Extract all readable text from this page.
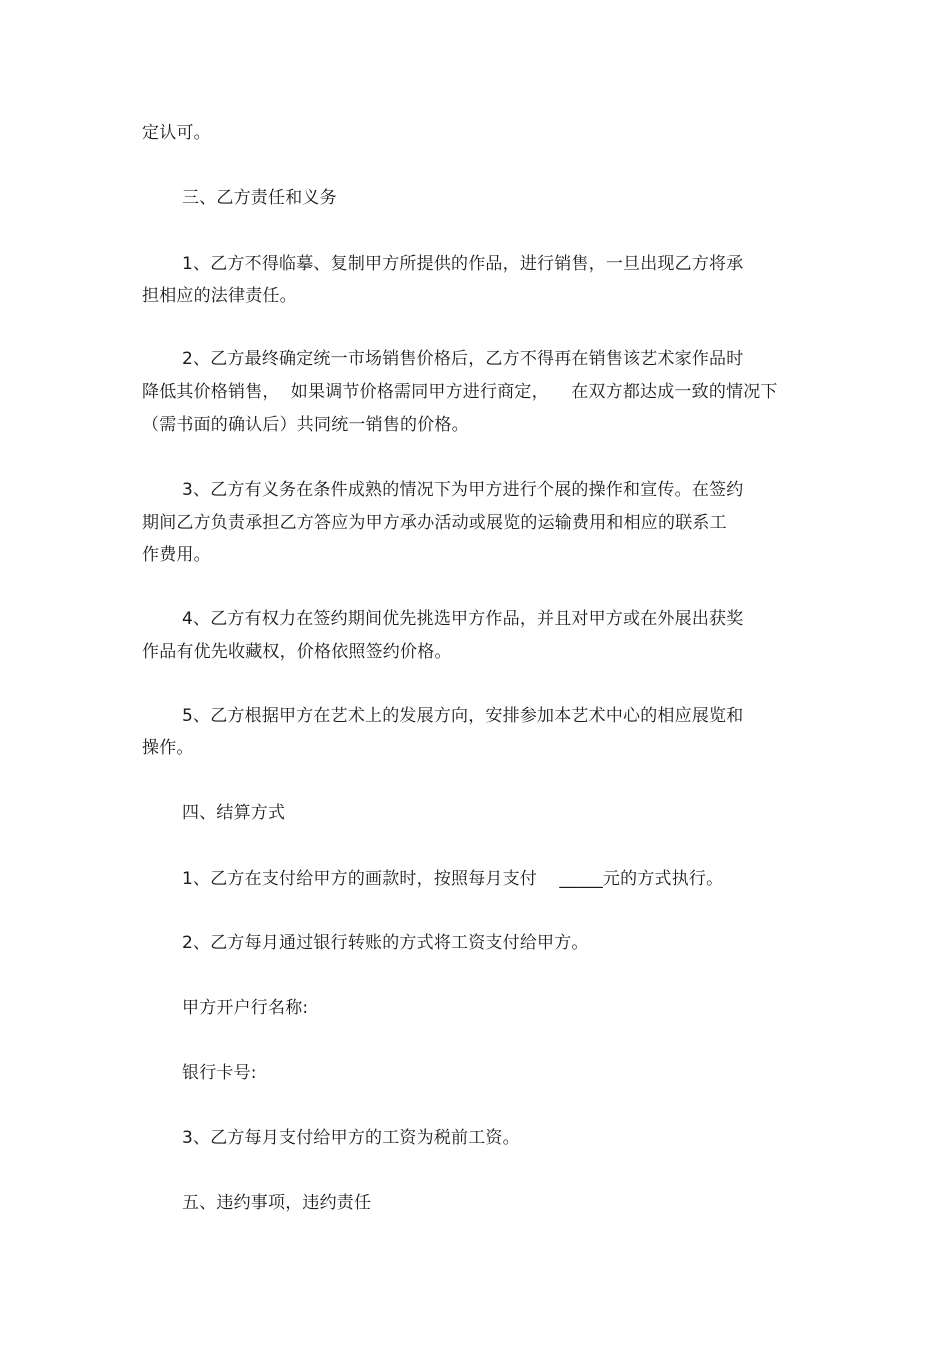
定认可。
三、乙方责任和义务
1、乙方不得临摹、复制甲方所提供的作品，进行销售，一旦出现乙方将承
担相应的法律责任。
2、乙方最终确定统一市场销售价格后，乙方不得再在销售该艺术家作品时
降低其价格销售，  如果调节价格需同甲方进行商定，    在双方都达成一致的情况下
（需书面的确认后）共同统一销售的价格。
3、乙方有义务在条件成熟的情况下为甲方进行个展的操作和宣传。在签约
期间乙方负责承担乙方答应为甲方承办活动或展览的运输费用和相应的联系工
作费用。
4、乙方有权力在签约期间优先挑选甲方作品，并且对甲方或在外展出获奖
作品有优先收藏权，价格依照签约价格。
5、乙方根据甲方在艺术上的发展方向，安排参加本艺术中心的相应展览和
操作。
四、结算方式
1、乙方在支付给甲方的画款时，按照每月支付    _____元的方式执行。
2、乙方每月通过银行转账的方式将工资支付给甲方。
甲方开户行名称:
银行卡号:
3、乙方每月支付给甲方的工资为税前工资。
五、违约事项，违约责任
